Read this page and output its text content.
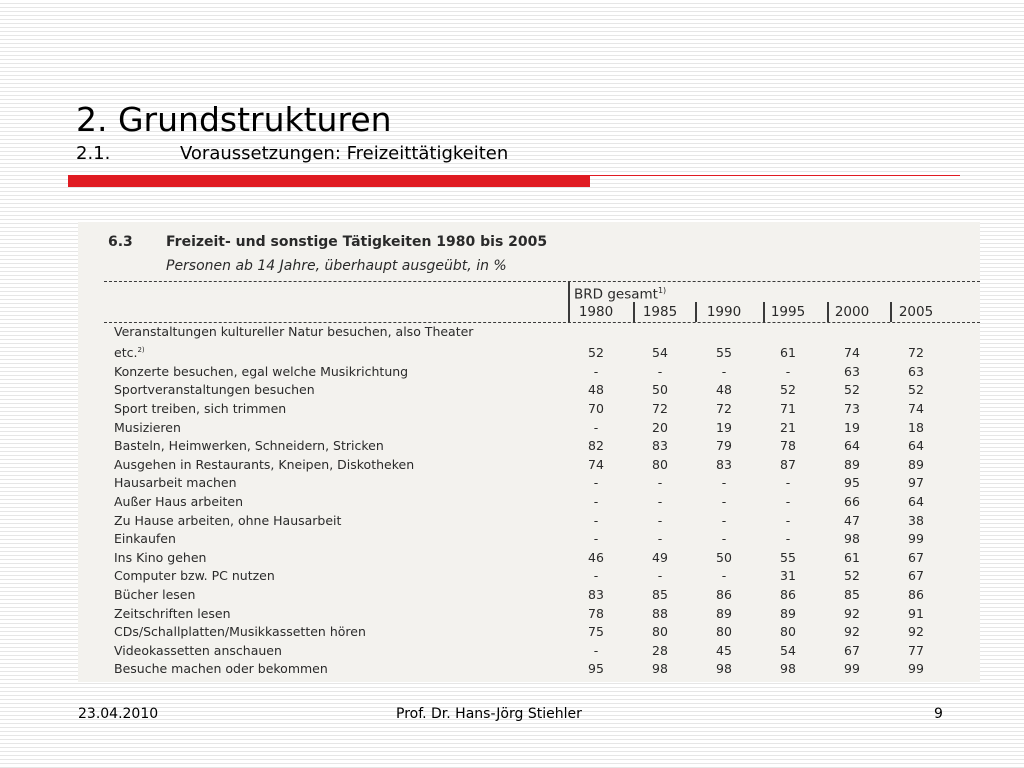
2. Grundstrukturen
2.1.	Voraussetzungen: Freizeittätigkeiten
6.3 Freizeit- und sonstige Tätigkeiten 1980 bis 2005
Personen ab 14 Jahre, überhaupt ausgeübt, in %
BRD gesamt$^{1)}$
1980	1985	1990	1995	2000	2005
Veranstaltungen kultureller Natur besuchen, also Theater
etc.$^{2)}$	52	54	55	61	74	72
Konzerte besuchen, egal welche Musikrichtung	-	-	-	-	63	63
Sportveranstaltungen besuchen	48	50	48	52	52	52
Sport treiben, sich trimmen	70	72	72	71	73	74
Musizieren	-	20	19	21	19	18
Basteln, Heimwerken, Schneidern, Stricken	82	83	79	78	64	64
Ausgehen in Restaurants, Kneipen, Diskotheken	74	80	83	87	89	89
Hausarbeit machen	-	-	-	-	95	97
Außer Haus arbeiten	-	-	-	-	66	64
Zu Hause arbeiten, ohne Hausarbeit	-	-	-	-	47	38
Einkaufen	-	-	-	-	98	99
Ins Kino gehen	46	49	50	55	61	67
Computer bzw. PC nutzen	-	-	-	31	52	67
Bücher lesen	83	85	86	86	85	86
Zeitschriften lesen	78	88	89	89	92	91
CDs/Schallplatten/Musikkassetten hören	75	80	80	80	92	92
Videokassetten anschauen	-	28	45	54	67	77
Besuche machen oder bekommen	95	98	98	98	99	99
23.04.2010	Prof. Dr. Hans-Jörg Stiehler	9
